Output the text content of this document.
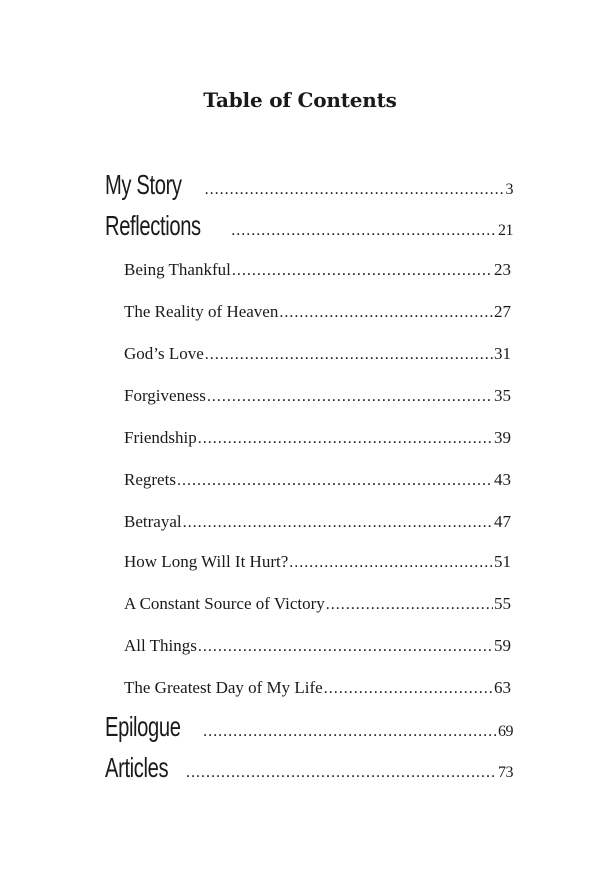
Table of Contents
My Story .....	3
Reflections .....	21
Being Thankful .....	23
The Reality of Heaven .....	27
God’s Love .....	31
Forgiveness .....	35
Friendship .....	39
Regrets .....	43
Betrayal .....	47
How Long Will It Hurt? .....	51
A Constant Source of Victory .....	55
All Things .....	59
The Greatest Day of My Life .....	63
Epilogue .....	69
Articles .....	73
